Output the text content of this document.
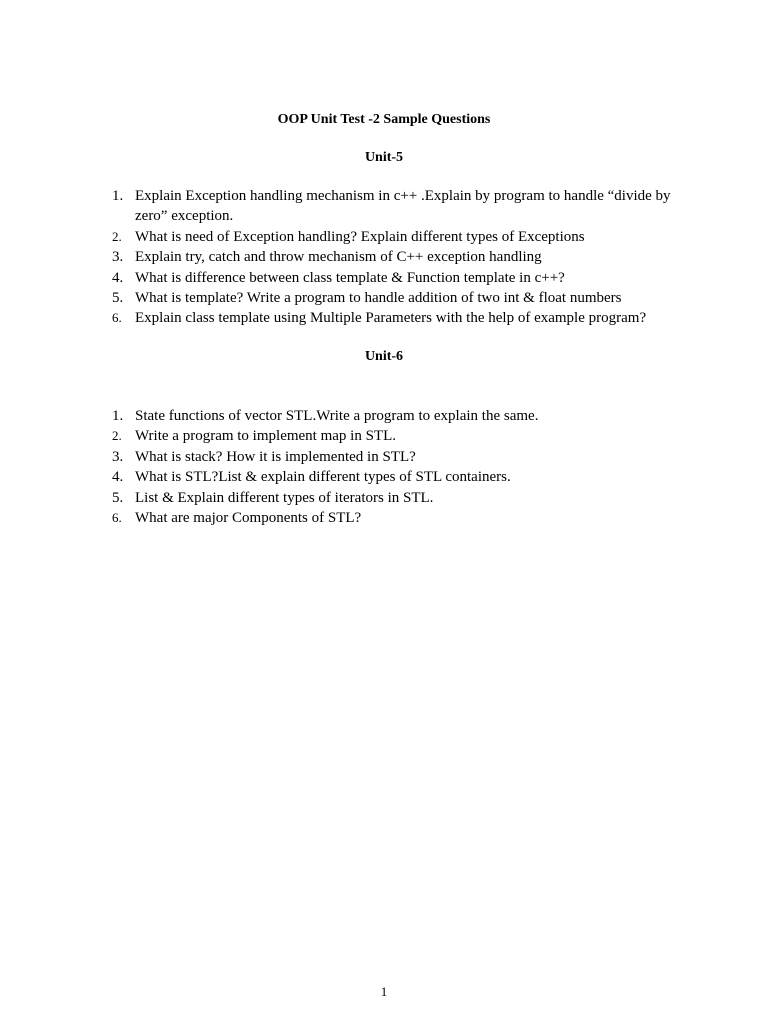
OOP Unit Test -2 Sample Questions
Unit-5
1. Explain Exception handling mechanism in c++ .Explain by program to handle “divide by zero” exception.
2. What is need of Exception handling? Explain different types of Exceptions
3. Explain try, catch and throw mechanism of C++ exception handling
4. What is difference between class template & Function template in c++?
5. What is template? Write a program to handle addition of two int & float numbers
6. Explain class template using Multiple Parameters with the help of example program?
Unit-6
1. State functions of vector STL.Write a program to explain the same.
2. Write a program to implement map in STL.
3. What is stack? How it is implemented in STL?
4. What is STL?List & explain different types of STL containers.
5. List & Explain different types of iterators in STL.
6. What are major Components of STL?
1
